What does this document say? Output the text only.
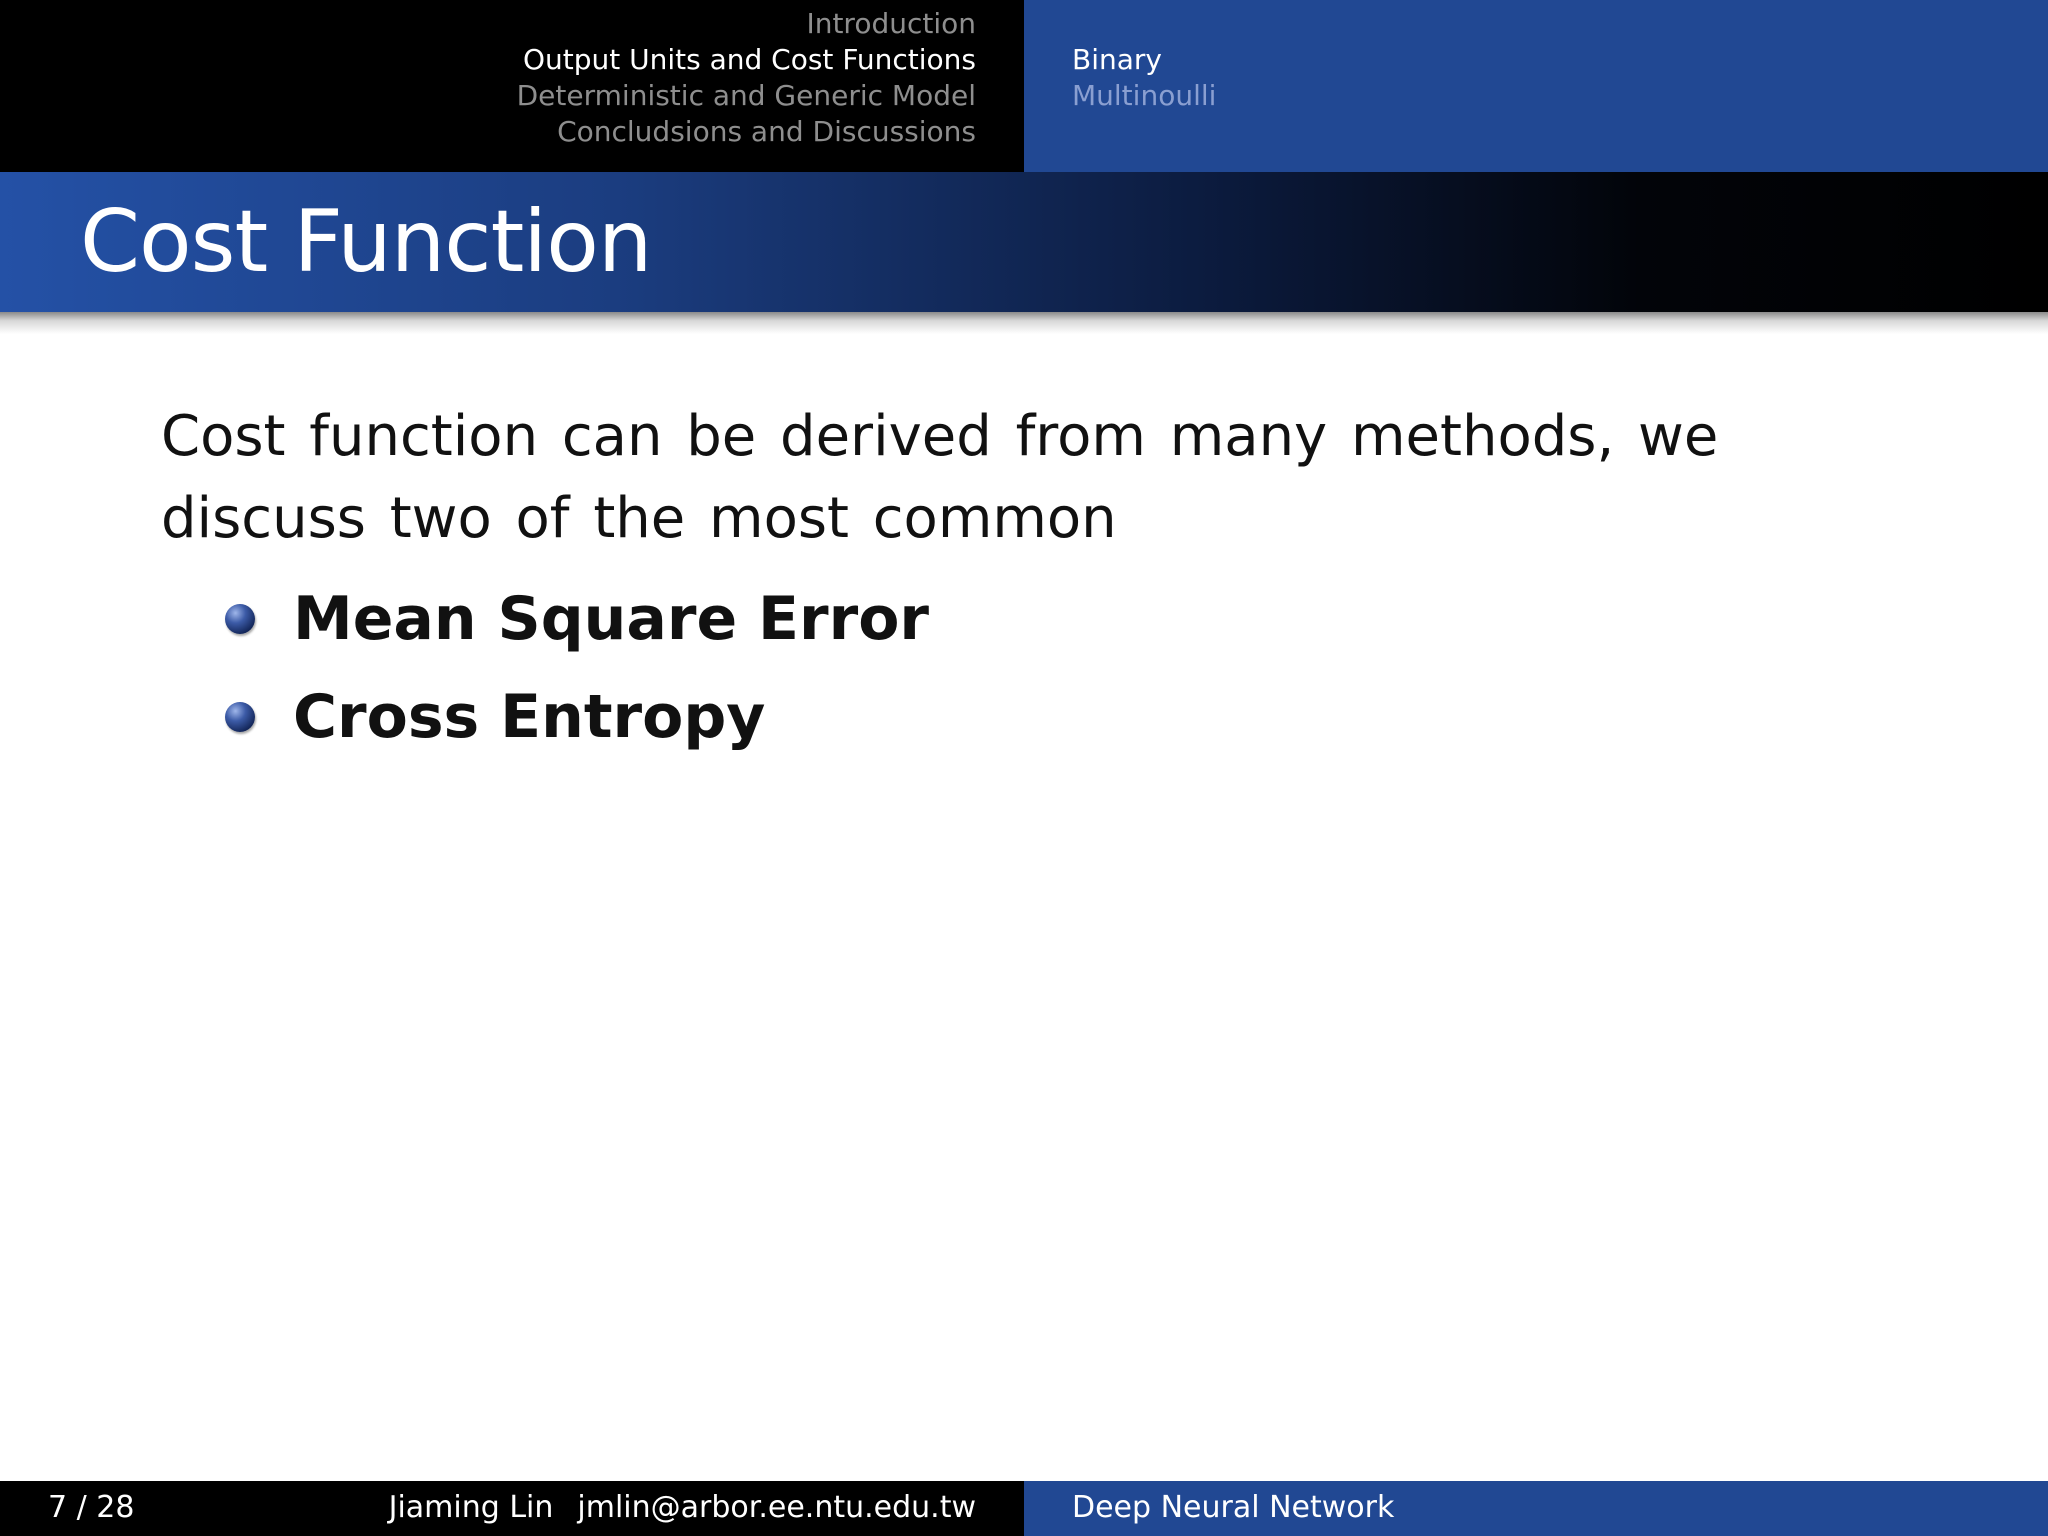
Introduction
Output Units and Cost Functions
Deterministic and Generic Model
Concludsions and Discussions
Binary
Multinoulli
Cost Function
Cost function can be derived from many methods, we discuss two of the most common
Mean Square Error
Cross Entropy
7 / 28	Jiaming Lin jmlin@arbor.ee.ntu.edu.tw	Deep Neural Network
